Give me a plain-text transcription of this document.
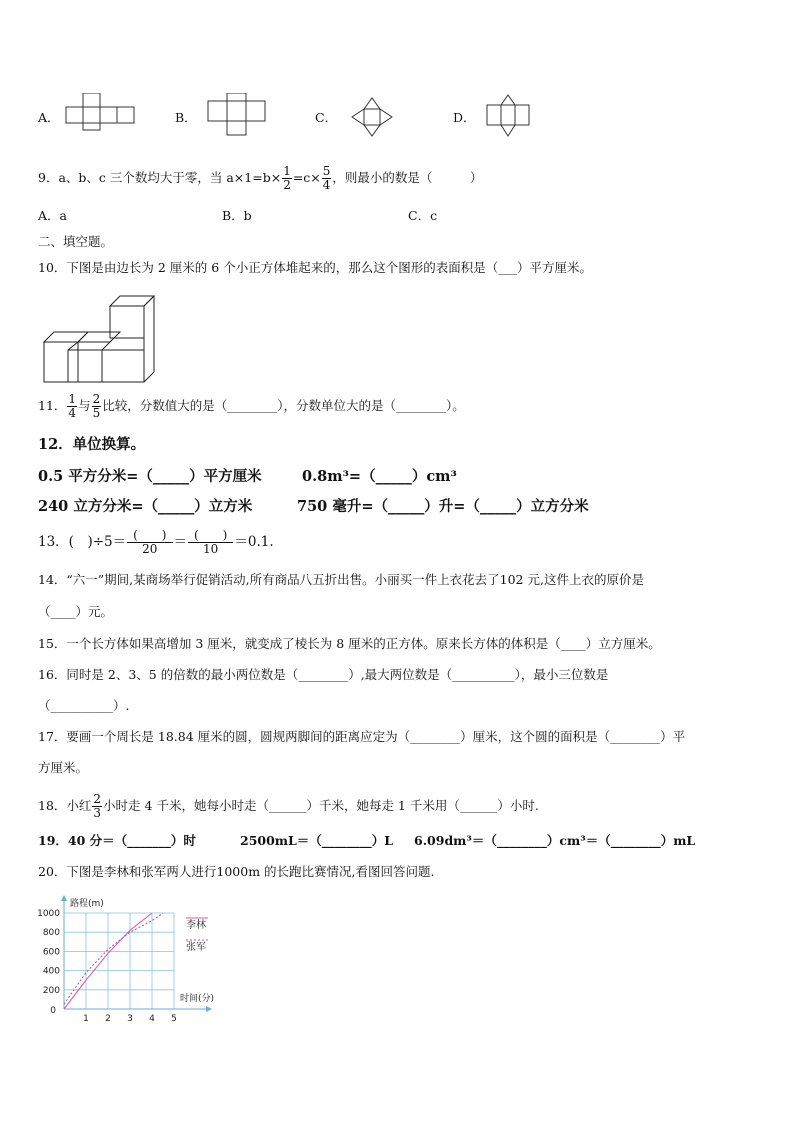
A．	B．	C．	D．
9．a、b、c 三个数均大于零，当 $a\times 1=b\times \frac{1}{2} =c\times \frac{5}{4}$ ，则最小的数是（　　　）
A．a	B．b	C．c
二、填空题。
10．下图是由边长为 2 厘米的 6 个小正方体堆起来的，那么这个图形的表面积是（___）平方厘米。
11． $\frac{1}{4}$ 与 $\frac{2}{5}$ 比较，分数值大的是（________），分数单位大的是（________）。
12．单位换算。
0.5 平方分米=（_____）平方厘米	0.8m³=（_____）cm³
240 立方分米=（_____）立方米	750 毫升=（_____）升=（_____）立方分米
13．(　)$\div 5= \frac{( )}{20} = \frac{( )}{10} =0.1$.
14．“六一”期间,某商场举行促销活动,所有商品八五折出售。小丽买一件上衣花去了102 元,这件上衣的原价是
（____）元。
15．一个长方体如果高增加 3 厘米，就变成了棱长为 8 厘米的正方体。原来长方体的体积是（____）立方厘米。
16．同时是 2、3、5 的倍数的最小两位数是（________）,最大两位数是（__________），最小三位数是
（__________）.
17．要画一个周长是 18.84 厘米的圆，圆规两脚间的距离应定为（________）厘米，这个圆的面积是（________）平
方厘米。
18．小红 $\frac{2}{3}$ 小时走 4 千米，她每小时走（______）千米，她每走 1 千米用（______）小时.
19．40 分＝（_______）时	2500mL＝（________）L 6.09dm³＝（________）cm³＝（________）mL
20．下图是李林和张军两人进行1000m 的长跑比赛情况,看图回答问题.
200
400
600
800
1000
1 2 3 4 5
路程(m)
时间(分)
0
李林
张军
